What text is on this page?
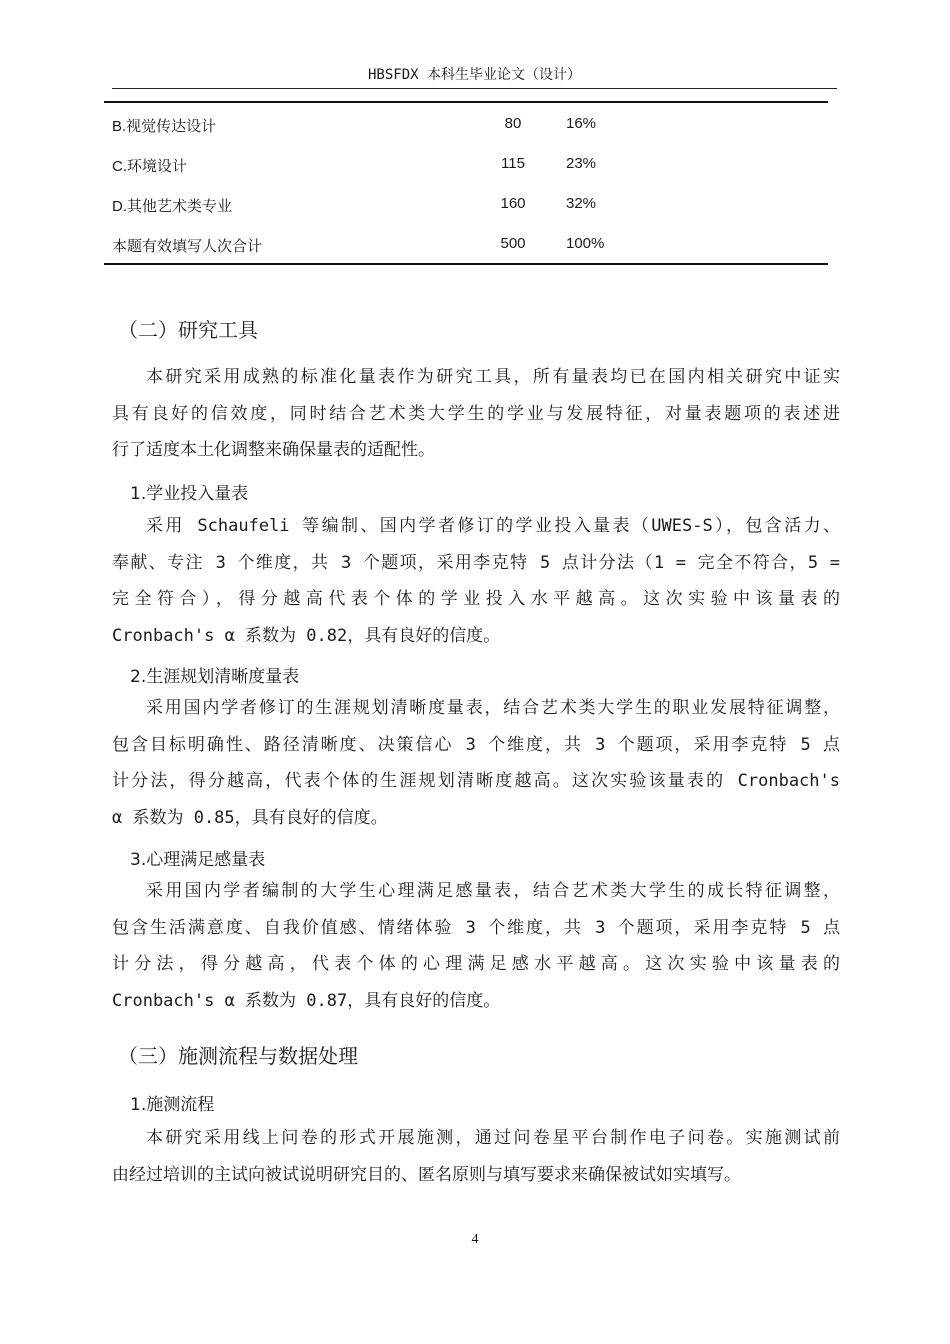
HBSFDX 本科生毕业论文（设计）
B.视觉传达设计	80	16%
C.环境设计	115	23%
D.其他艺术类专业	160	32%
本题有效填写人次合计	500	100%
（二）研究工具
本研究采用成熟的标准化量表作为研究工具，所有量表均已在国内相关研究中证实
具有良好的信效度，同时结合艺术类大学生的学业与发展特征，对量表题项的表述进
行了适度本土化调整来确保量表的适配性。
1.学业投入量表
采用 Schaufeli 等编制、国内学者修订的学业投入量表（UWES-S），包含活力、
奉献、专注 3 个维度，共 3 个题项，采用李克特 5 点计分法（1 = 完全不符合，5 =
完全符合），得分越高代表个体的学业投入水平越高。这次实验中该量表的
Cronbach's α 系数为 0.82，具有良好的信度。
2.生涯规划清晰度量表
采用国内学者修订的生涯规划清晰度量表，结合艺术类大学生的职业发展特征调整，
包含目标明确性、路径清晰度、决策信心 3 个维度，共 3 个题项，采用李克特 5 点
计分法，得分越高，代表个体的生涯规划清晰度越高。这次实验该量表的 Cronbach's
α 系数为 0.85，具有良好的信度。
3.心理满足感量表
采用国内学者编制的大学生心理满足感量表，结合艺术类大学生的成长特征调整，
包含生活满意度、自我价值感、情绪体验 3 个维度，共 3 个题项，采用李克特 5 点
计分法，得分越高，代表个体的心理满足感水平越高。这次实验中该量表的
Cronbach's α 系数为 0.87，具有良好的信度。
（三）施测流程与数据处理
1.施测流程
本研究采用线上问卷的形式开展施测，通过问卷星平台制作电子问卷。实施测试前
由经过培训的主试向被试说明研究目的、匿名原则与填写要求来确保被试如实填写。
4
